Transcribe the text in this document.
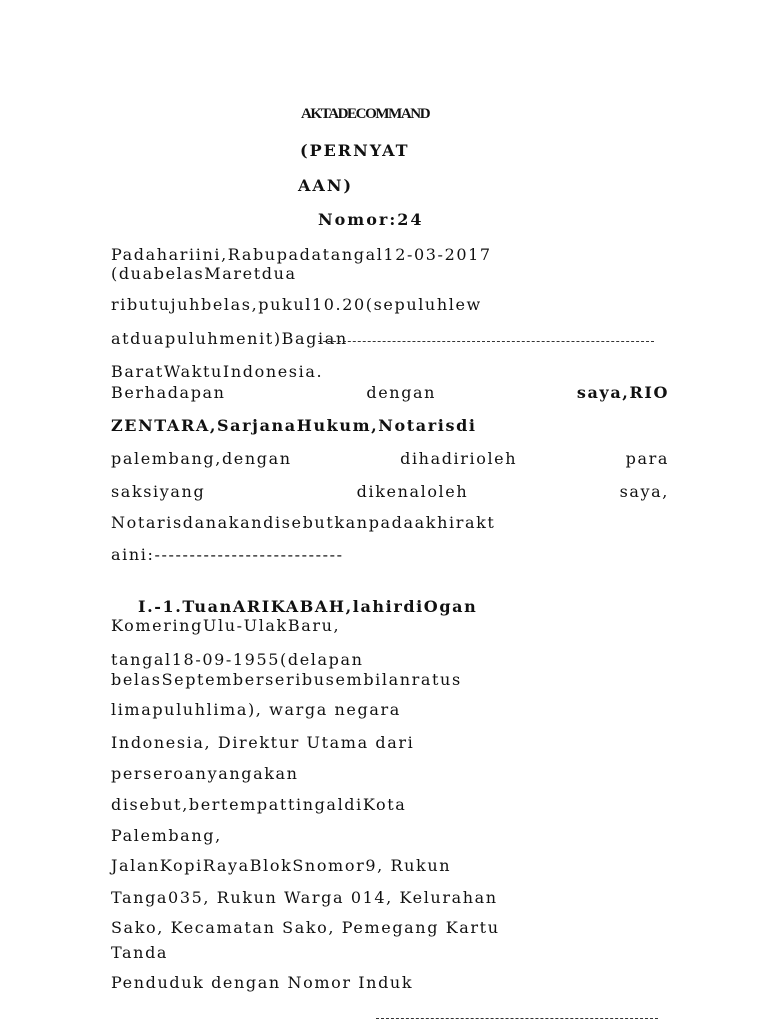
AKTADECOMMAND
(PERNYAT
AAN)
Nomor:24
Padahariini,Rabupadatangal12-03-2017
(duabelasMaretdua
ributujuhbelas,pukul10.20(sepuluhlew
atduapuluhmenit)Bagian
BaratWaktuIndonesia.
Berhadapan	dengan	saya,RIO
ZENTARA,SarjanaHukum,Notarisdi
palembang,dengan	dihadirioleh	para
saksiyang	dikenaloleh	saya,
Notarisdanakandisebutkanpadaakhirakt
aini:---------------------------
I.-1.TuanARIKABAH,lahirdiOgan
KomeringUlu-UlakBaru,
tangal18-09-1955(delapan
belasSeptemberseribusembilanratus
limapuluhlima), warga negara
Indonesia, Direktur Utama dari
perseroanyangakan
disebut,bertempattingaldiKota
Palembang,
JalanKopiRayaBlokSnomor9, Rukun
Tanga035, Rukun Warga 014, Kelurahan
Sako, Kecamatan Sako, Pemegang Kartu
Tanda
Penduduk dengan Nomor Induk
